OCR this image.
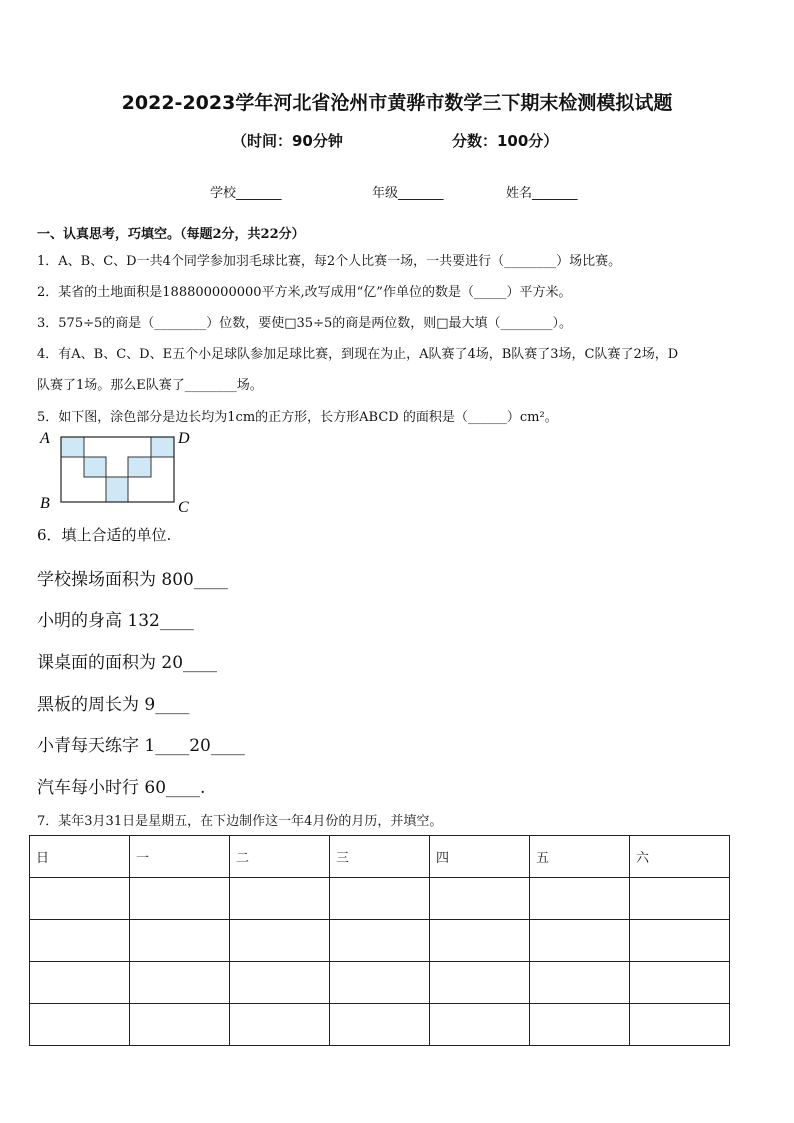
2022-2023学年河北省沧州市黄骅市数学三下期末检测模拟试题
（时间：90分钟	分数：100分）
学校_______	年级_______	姓名_______
一、认真思考，巧填空。（每题2分，共22分）
1．A、B、C、D一共4个同学参加羽毛球比赛，每2个人比赛一场，一共要进行（________）场比赛。
2．某省的土地面积是188800000000平方米,改写成用“亿”作单位的数是（_____）平方米。
3．575÷5的商是（________）位数，要使□35÷5的商是两位数，则□最大填（________）。
4．有A、B、C、D、E五个小足球队参加足球比赛，到现在为止，A队赛了4场，B队赛了3场，C队赛了2场，D
队赛了1场。那么E队赛了________场。
5．如下图，涂色部分是边长均为1cm的正方形，长方形ABCD 的面积是（______）cm²。
A
B	C
D
6．填上合适的单位.
学校操场面积为 800____
小明的身高 132____
课桌面的面积为 20____
黑板的周长为 9____
小青每天练字 1____20____
汽车每小时行 60____.
7．某年3月31日是星期五，在下边制作这一年4月份的月历，并填空。
日	一	二	三	四	五	六
